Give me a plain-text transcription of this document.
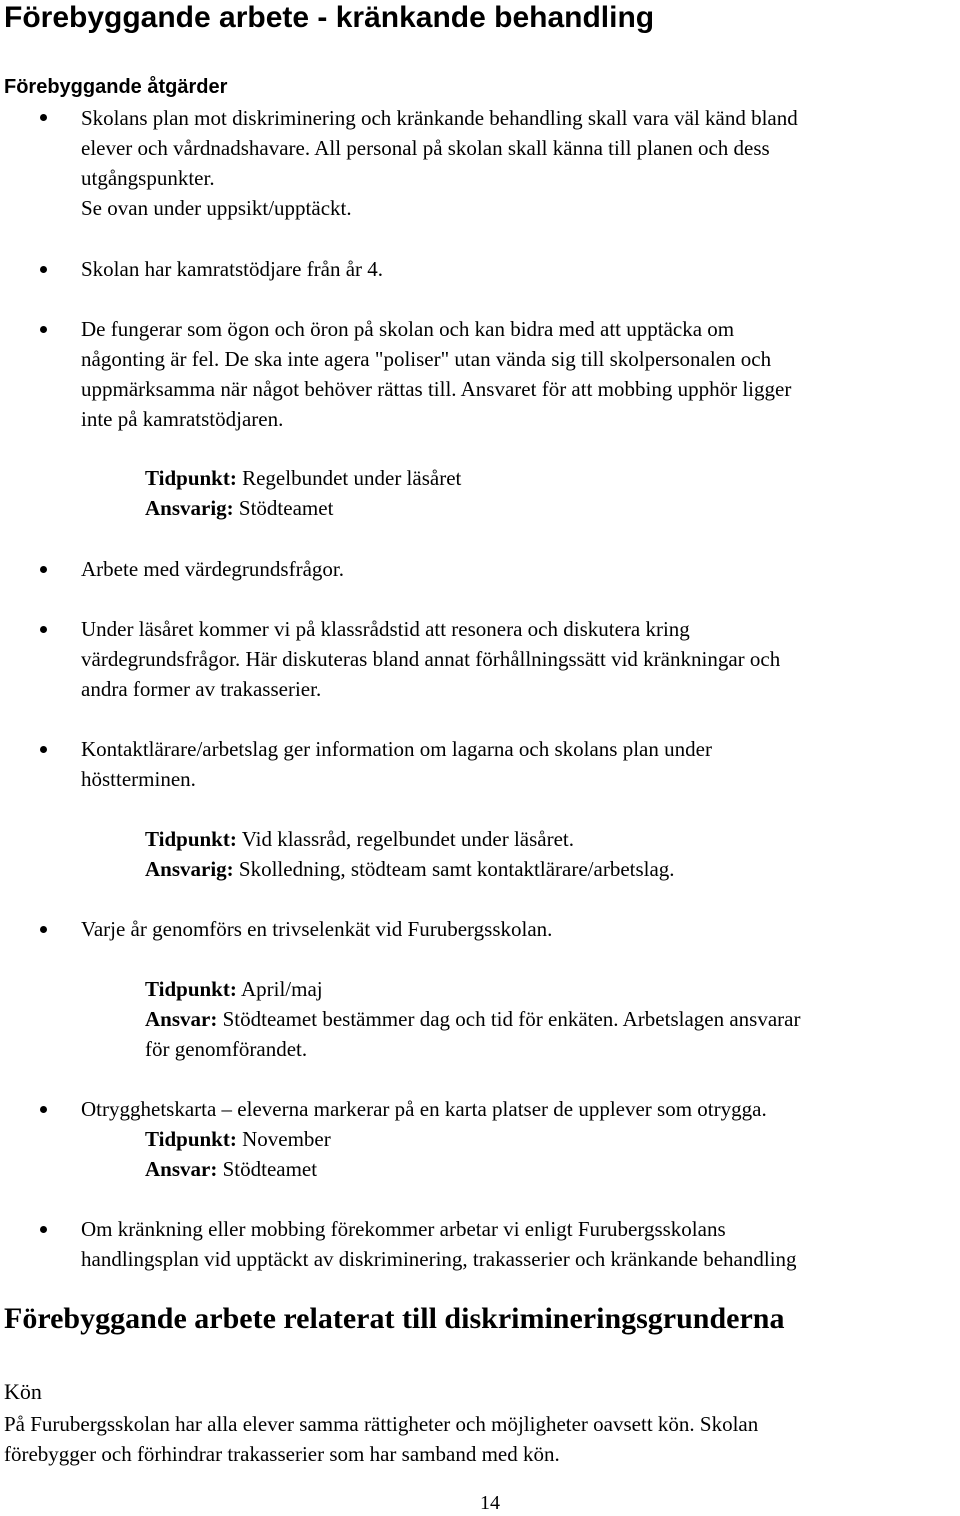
Förebyggande arbete - kränkande behandling
Förebyggande åtgärder
Skolans plan mot diskriminering och kränkande behandling skall vara väl känd bland
elever och vårdnadshavare. All personal på skolan skall känna till planen och dess
utgångspunkter.
Se ovan under uppsikt/upptäckt.
Skolan har kamratstödjare från år 4.
De fungerar som ögon och öron på skolan och kan bidra med att upptäcka om
någonting är fel. De ska inte agera "poliser" utan vända sig till skolpersonalen och
uppmärksamma när något behöver rättas till. Ansvaret för att mobbing upphör ligger
inte på kamratstödjaren.
Tidpunkt: Regelbundet under läsåret
Ansvarig: Stödteamet
Arbete med värdegrundsfrågor.
Under läsåret kommer vi på klassrådstid att resonera och diskutera kring
värdegrundsfrågor. Här diskuteras bland annat förhållningssätt vid kränkningar och
andra former av trakasserier.
Kontaktlärare/arbetslag ger information om lagarna och skolans plan under
höstterminen.
Tidpunkt: Vid klassråd, regelbundet under läsåret.
Ansvarig: Skolledning, stödteam samt kontaktlärare/arbetslag.
Varje år genomförs en trivselenkät vid Furubergsskolan.
Tidpunkt: April/maj
Ansvar: Stödteamet bestämmer dag och tid för enkäten. Arbetslagen ansvarar
för genomförandet.
Otrygghetskarta – eleverna markerar på en karta platser de upplever som otrygga.
Tidpunkt: November
Ansvar: Stödteamet
Om kränkning eller mobbing förekommer arbetar vi enligt Furubergsskolans
handlingsplan vid upptäckt av diskriminering, trakasserier och kränkande behandling
Förebyggande arbete relaterat till diskrimineringsgrunderna
Kön
På Furubergsskolan har alla elever samma rättigheter och möjligheter oavsett kön. Skolan
förebygger och förhindrar trakasserier som har samband med kön.
14
